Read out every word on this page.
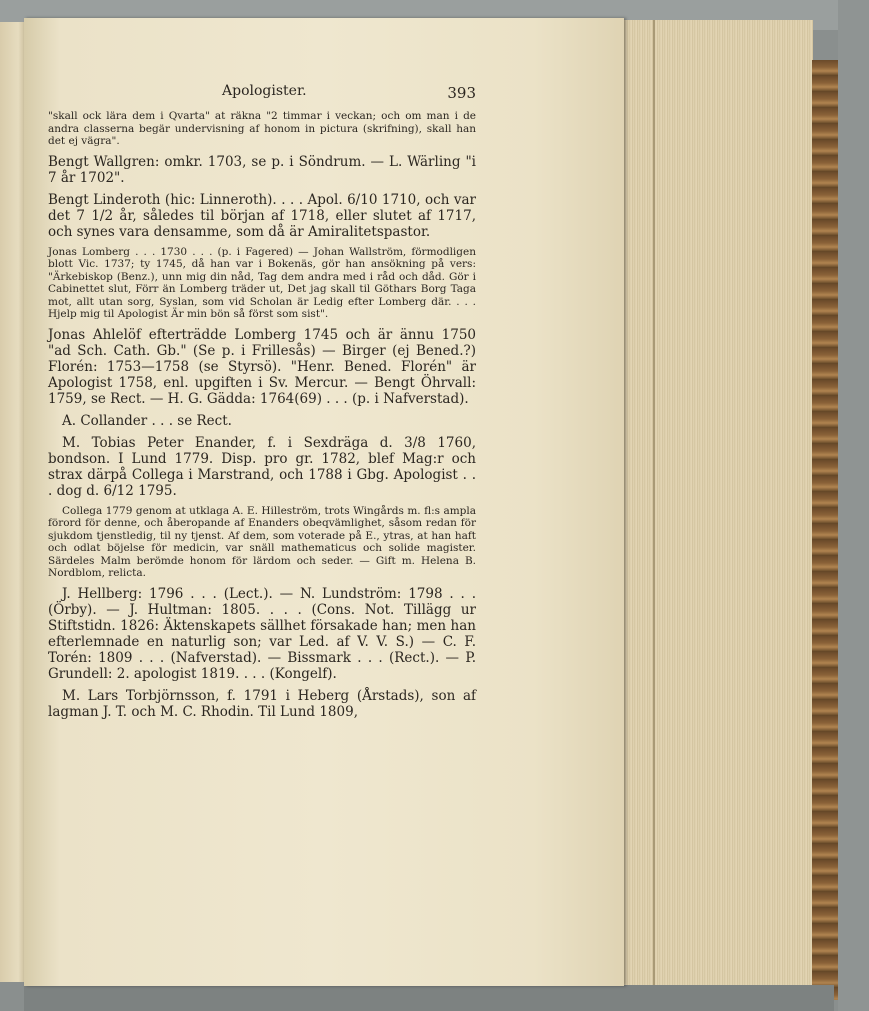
Apologister.	393

"skall ock lära dem i Qvarta" at räkna "2 timmar i veckan; och om man i de andra classerna begär undervisning af honom in pictura (skrifning), skall han det ej vägra".

Bengt Wallgren: omkr. 1703, se p. i Söndrum. — L. Wärling "i 7 år 1702".

Bengt Linderoth (hic: Linneroth). . . . Apol. 6/10 1710, och var det 7 1/2 år, således til början af 1718, eller slutet af 1717, och synes vara densamme, som då är Amiralitetspastor.

Jonas Lomberg . . . 1730 . . . (p. i Fagered) — Johan Wallström, förmodligen blott Vic. 1737; ty 1745, då han var i Bokenäs, gör han ansökning på vers: "Ärkebiskop (Benz.), unn mig din nåd, Tag dem andra med i råd och dåd. Gör i Cabinettet slut, Förr än Lomberg träder ut, Det jag skall til Göthars Borg Taga mot, allt utan sorg, Syslan, som vid Scholan är Ledig efter Lomberg där. . . . Hjelp mig til Apologist Är min bön så först som sist".

Jonas Ahlelöf efterträdde Lomberg 1745 och är ännu 1750 "ad Sch. Cath. Gb." (Se p. i Frillesås) — Birger (ej Bened.?) Florén: 1753—1758 (se Styrsö). "Henr. Bened. Florén" är Apologist 1758, enl. upgiften i Sv. Mercur. — Bengt Öhrvall: 1759, se Rect. — H. G. Gädda: 1764(69) . . . (p. i Nafverstad).

A. Collander . . . se Rect.

M. Tobias Peter Enander, f. i Sexdräga d. 3/8 1760, bondson. I Lund 1779. Disp. pro gr. 1782, blef Mag:r och strax därpå Collega i Marstrand, och 1788 i Gbg. Apologist . . . dog d. 6/12 1795.

Collega 1779 genom at utklaga A. E. Hilleström, trots Wingårds m. fl:s ampla förord för denne, och åberopande af Enanders obeqvämlighet, såsom redan för sjukdom tjenstledig, til ny tjenst. Af dem, som voterade på E., ytras, at han haft och odlat böjelse för medicin, var snäll mathematicus och solide magister. Särdeles Malm berömde honom för lärdom och seder. — Gift m. Helena B. Nordblom, relicta.

J. Hellberg: 1796 . . . (Lect.). — N. Lundström: 1798 . . . (Örby). — J. Hultman: 1805. . . . (Cons. Not. Tillägg ur Stiftstidn. 1826: Äktenskapets sällhet försakade han; men han efterlemnade en naturlig son; var Led. af V. V. S.) — C. F. Torén: 1809 . . . (Nafverstad). — Bissmark . . . (Rect.). — P. Grundell: 2. apologist 1819. . . . (Kongelf).

M. Lars Torbjörnsson, f. 1791 i Heberg (Årstads), son af lagman J. T. och M. C. Rhodin. Til Lund 1809,
